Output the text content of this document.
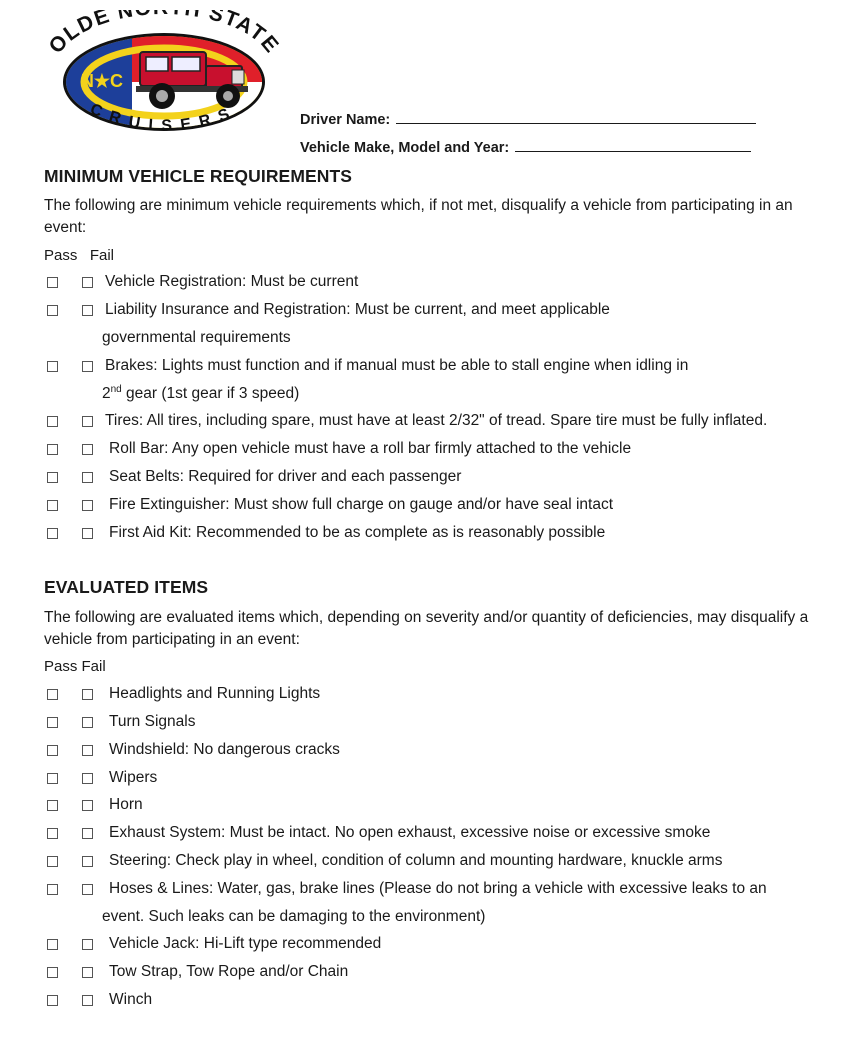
N★C
OLDE N STATE
CRUISERS	Driver Name:
Vehicle Make, Model and Year:
MINIMUM VEHICLE REQUIREMENTS
The following are minimum vehicle requirements which, if not met, disqualify a vehicle from participating in an event:
Pass   Fail
Vehicle Registration: Must be current
Liability Insurance and Registration: Must be current, and meet applicable
governmental requirements
Brakes: Lights must function and if manual must be able to stall engine when idling in
2nd gear (1st gear if 3 speed)
Tires: All tires, including spare, must have at least 2/32" of tread. Spare tire must be fully inflated.
Roll Bar: Any open vehicle must have a roll bar firmly attached to the vehicle
Seat Belts: Required for driver and each passenger
Fire Extinguisher: Must show full charge on gauge and/or have seal intact
First Aid Kit: Recommended to be as complete as is reasonably possible
EVALUATED ITEMS
The following are evaluated items which, depending on severity and/or quantity of deficiencies, may disqualify a vehicle from participating in an event:
Pass Fail
Headlights and Running Lights
Turn Signals
Windshield: No dangerous cracks
Wipers
Horn
Exhaust System: Must be intact. No open exhaust, excessive noise or excessive smoke
Steering: Check play in wheel, condition of column and mounting hardware, knuckle arms
Hoses & Lines: Water, gas, brake lines (Please do not bring a vehicle with excessive leaks to an
event. Such leaks can be damaging to the environment)
Vehicle Jack: Hi-Lift type recommended
Tow Strap, Tow Rope and/or Chain
Winch
